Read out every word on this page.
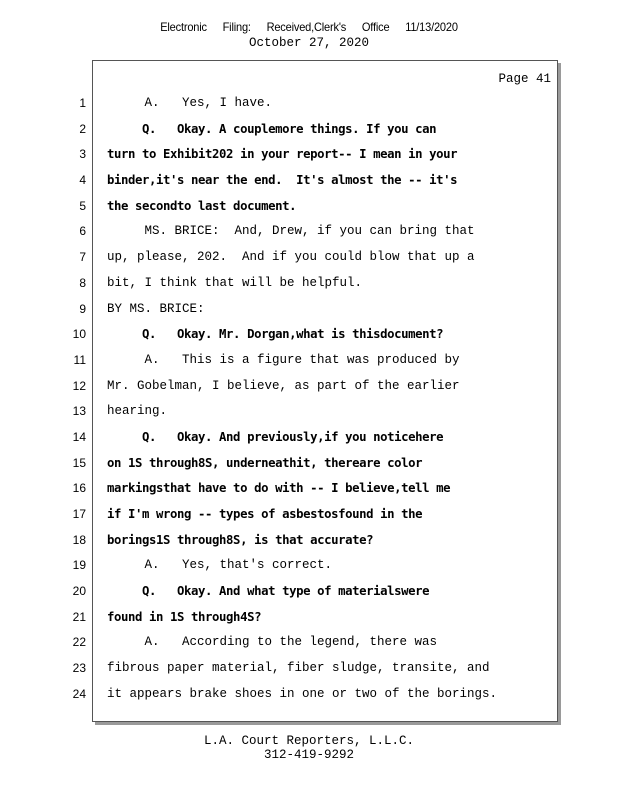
Electronic Filing: Received,Clerk's Office 11/13/2020
October 27, 2020
Page 41
1
2
3
4
5
6
7
8
9
10
11
12
13
14
15
16
17
18
19
20
21
22
23
24
A.   Yes, I have.
Q.   Okay. A couplemore things. If you can
turn to Exhibit202 in your report-- I mean in your
binder,it's near the end.  It's almost the -- it's
the secondto last document.
MS. BRICE:  And, Drew, if you can bring that
up, please, 202.  And if you could blow that up a
bit, I think that will be helpful.
BY MS. BRICE:
Q.   Okay. Mr. Dorgan,what is thisdocument?
A.   This is a figure that was produced by
Mr. Gobelman, I believe, as part of the earlier
hearing.
Q.   Okay. And previously,if you noticehere
on 1S through8S, underneathit, thereare color
markingsthat have to do with -- I believe,tell me
if I'm wrong -- types of asbestosfound in the
borings1S through8S, is that accurate?
A.   Yes, that's correct.
Q.   Okay. And what type of materialswere
found in 1S through4S?
A.   According to the legend, there was
fibrous paper material, fiber sludge, transite, and
it appears brake shoes in one or two of the borings.
L.A. Court Reporters, L.L.C.
312-419-9292
